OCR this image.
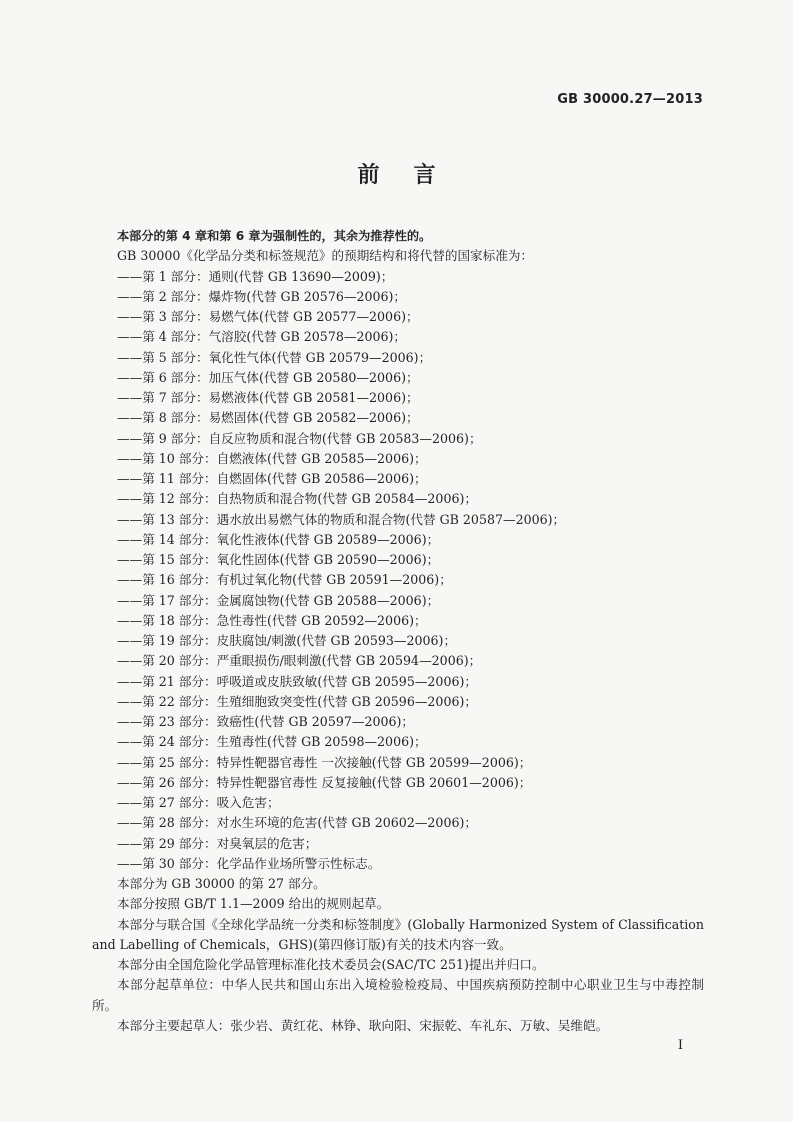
GB 30000.27—2013
前言

本部分的第 4 章和第 6 章为强制性的，其余为推荐性的。

GB 30000《化学品分类和标签规范》的预期结构和将代替的国家标准为：

——第 1 部分：通则(代替 GB 13690—2009)；
——第 2 部分：爆炸物(代替 GB 20576—2006)；
——第 3 部分：易燃气体(代替 GB 20577—2006)；
——第 4 部分：气溶胶(代替 GB 20578—2006)；
——第 5 部分：氧化性气体(代替 GB 20579—2006)；
——第 6 部分：加压气体(代替 GB 20580—2006)；
——第 7 部分：易燃液体(代替 GB 20581—2006)；
——第 8 部分：易燃固体(代替 GB 20582—2006)；
——第 9 部分：自反应物质和混合物(代替 GB 20583—2006)；
——第 10 部分：自燃液体(代替 GB 20585—2006)；
——第 11 部分：自燃固体(代替 GB 20586—2006)；
——第 12 部分：自热物质和混合物(代替 GB 20584—2006)；
——第 13 部分：遇水放出易燃气体的物质和混合物(代替 GB 20587—2006)；
——第 14 部分：氧化性液体(代替 GB 20589—2006)；
——第 15 部分：氧化性固体(代替 GB 20590—2006)；
——第 16 部分：有机过氧化物(代替 GB 20591—2006)；
——第 17 部分：金属腐蚀物(代替 GB 20588—2006)；
——第 18 部分：急性毒性(代替 GB 20592—2006)；
——第 19 部分：皮肤腐蚀/刺激(代替 GB 20593—2006)；
——第 20 部分：严重眼损伤/眼刺激(代替 GB 20594—2006)；
——第 21 部分：呼吸道或皮肤致敏(代替 GB 20595—2006)；
——第 22 部分：生殖细胞致突变性(代替 GB 20596—2006)；
——第 23 部分：致癌性(代替 GB 20597—2006)；
——第 24 部分：生殖毒性(代替 GB 20598—2006)；
——第 25 部分：特异性靶器官毒性 一次接触(代替 GB 20599—2006)；
——第 26 部分：特异性靶器官毒性 反复接触(代替 GB 20601—2006)；
——第 27 部分：吸入危害；
——第 28 部分：对水生环境的危害(代替 GB 20602—2006)；
——第 29 部分：对臭氧层的危害；
——第 30 部分：化学品作业场所警示性标志。

本部分为 GB 30000 的第 27 部分。

本部分按照 GB/T 1.1—2009 给出的规则起草。

本部分与联合国《全球化学品统一分类和标签制度》(Globally Harmonized System of Classification and Labelling of Chemicals，GHS)(第四修订版)有关的技术内容一致。

本部分由全国危险化学品管理标准化技术委员会(SAC/TC 251)提出并归口。

本部分起草单位：中华人民共和国山东出入境检验检疫局、中国疾病预防控制中心职业卫生与中毒控制所。

本部分主要起草人：张少岩、黄红花、林铮、耿向阳、宋振乾、车礼东、万敏、吴维皑。

I
